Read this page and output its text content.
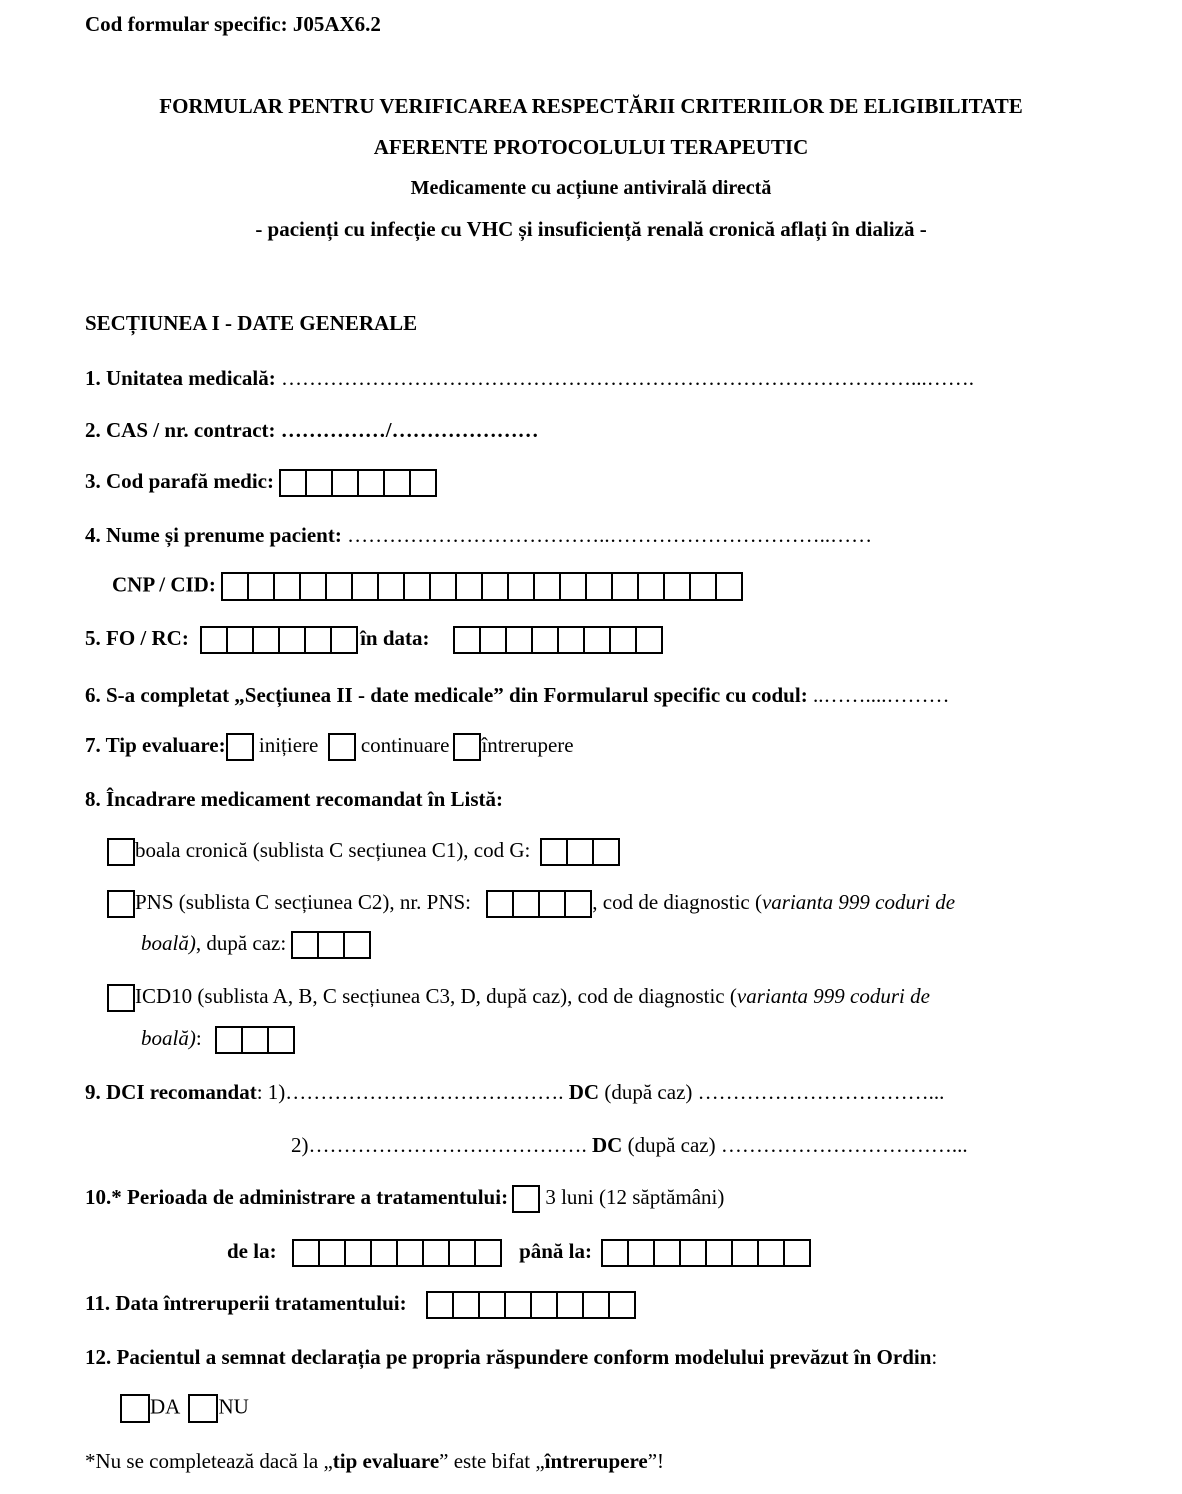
Cod formular specific: J05AX6.2
FORMULAR PENTRU VERIFICAREA RESPECTĂRII CRITERIILOR DE ELIGIBILITATE
AFERENTE PROTOCOLULUI TERAPEUTIC
Medicamente cu acțiune antivirală directă
- pacienți cu infecție cu VHC și insuficiență renală cronică aflați în dializă -
SECȚIUNEA I - DATE GENERALE
1. Unitatea medicală: ………………………………………………………………………………...…….
2. CAS / nr. contract: ……………/…………………
3. Cod parafă medic:
4. Nume și prenume pacient: ………………………………..…………………………..……
CNP / CID:
5. FO / RC:	în data:
6. S-a completat „Secțiunea II - date medicale” din Formularul specific cu codul: ..……....………
7. Tip evaluare: inițiere continuare întrerupere
8. Încadrare medicament recomandat în Listă:
boala cronică (sublista C secțiunea C1), cod G:
PNS (sublista C secțiunea C2), nr. PNS:	, cod de diagnostic (varianta 999 coduri de
boală), după caz:
ICD10 (sublista A, B, C secțiunea C3, D, după caz), cod de diagnostic (varianta 999 coduri de
boală):
9. DCI recomandat: 1)…………………………………. DC (după caz) ……………………………...
2)…………………………………. DC (după caz) ……………………………...
10.* Perioada de administrare a tratamentului: 3 luni (12 săptămâni)
de la:	până la:
11. Data întreruperii tratamentului:
12. Pacientul a semnat declarația pe propria răspundere conform modelului prevăzut în Ordin:
DA NU
*Nu se completează dacă la „tip evaluare” este bifat „întrerupere”!
